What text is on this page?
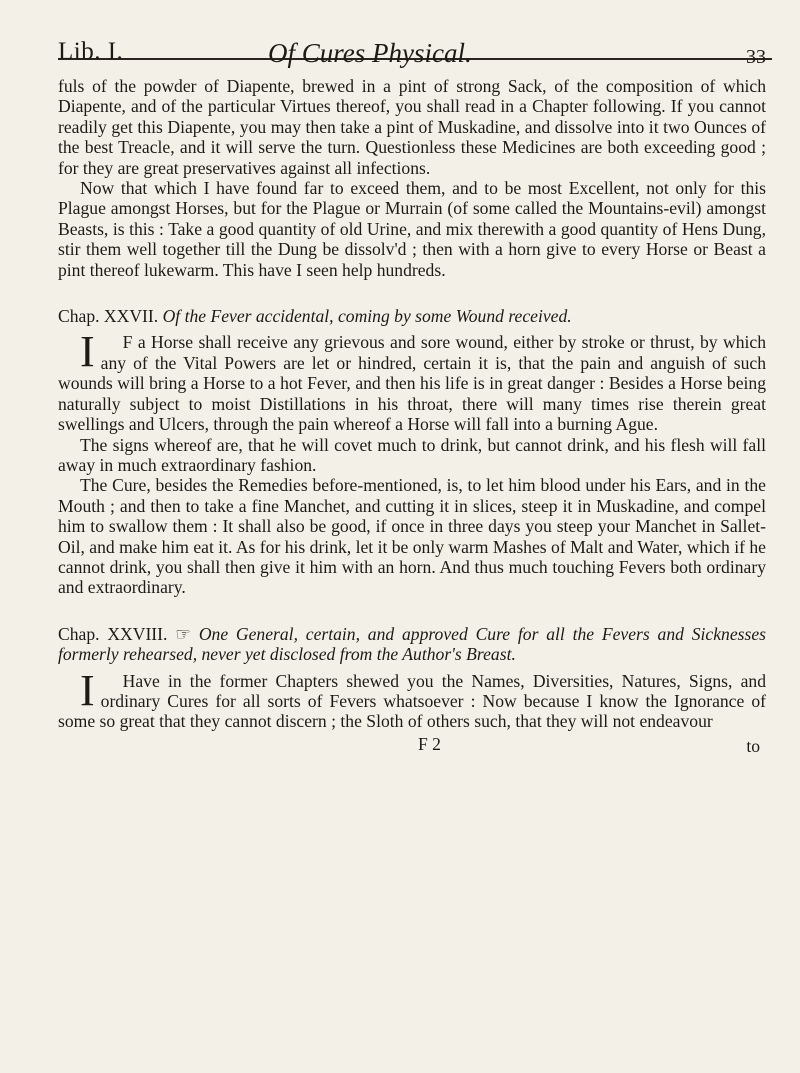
Lib. I.	Of Cures Physical.	33

fuls of the powder of Diapente, brewed in a pint of strong Sack, of the composition of which Diapente, and of the particular Virtues thereof, you shall read in a Chapter following. If you cannot readily get this Diapente, you may then take a pint of Muskadine, and dissolve into it two Ounces of the best Treacle, and it will serve the turn. Questionless these Medicines are both exceeding good ; for they are great preservatives against all infections.

Now that which I have found far to exceed them, and to be most Excellent, not only for this Plague amongst Horses, but for the Plague or Murrain (of some called the Mountains-evil) amongst Beasts, is this : Take a good quantity of old Urine, and mix therewith a good quantity of Hens Dung, stir them well together till the Dung be dissolv'd ; then with a horn give to every Horse or Beast a pint thereof lukewarm. This have I seen help hundreds.

Chap. XXVII. Of the Fever accidental, coming by some Wound received.

I F a Horse shall receive any grievous and sore wound, either by stroke or thrust, by which any of the Vital Powers are let or hindred, certain it is, that the pain and anguish of such wounds will bring a Horse to a hot Fever, and then his life is in great danger : Besides a Horse being naturally subject to moist Distillations in his throat, there will many times rise therein great swellings and Ulcers, through the pain whereof a Horse will fall into a burning Ague.

The signs whereof are, that he will covet much to drink, but cannot drink, and his flesh will fall away in much extraordinary fashion.

The Cure, besides the Remedies before-mentioned, is, to let him blood under his Ears, and in the Mouth ; and then to take a fine Manchet, and cutting it in slices, steep it in Muskadine, and compel him to swallow them : It shall also be good, if once in three days you steep your Manchet in Sallet-Oil, and make him eat it. As for his drink, let it be only warm Mashes of Malt and Water, which if he cannot drink, you shall then give it him with an horn. And thus much touching Fevers both ordinary and extraordinary.

Chap. XXVIII. ☞ One General, certain, and approved Cure for all the Fevers and Sicknesses formerly rehearsed, never yet disclosed from the Author's Breast.

I Have in the former Chapters shewed you the Names, Diversities, Natures, Signs, and ordinary Cures for all sorts of Fevers whatsoever : Now because I know the Ignorance of some so great that they cannot discern ; the Sloth of others such, that they will not endeavour

F 2	to
